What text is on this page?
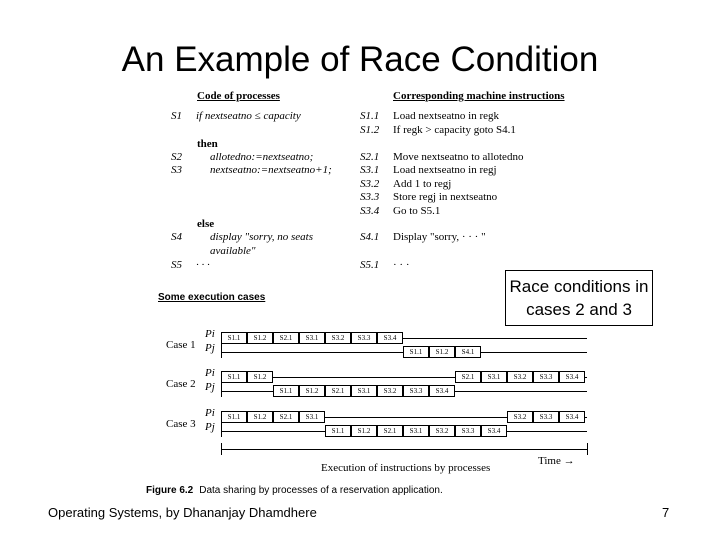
An Example of Race Condition
Code of processes	Corresponding machine instructions
S1 if nextseatno ≤ capacity	S1.1 Load nextseatno in regk
S1.2 If regk > capacity goto S4.1
then
S2	allotedno:=nextseatno;	S2.1 Move nextseatno to allotedno
S3	nextseatno:=nextseatno+1;	S3.1 Load nextseatno in regj
S3.2 Add 1 to regj
S3.3 Store regj in nextseatno
S3.4 Go to S5.1
else
S4	display "sorry, no seats	S4.1 Display "sorry, · · · "
available"
S5 · · ·	S5.1 · · ·
Race conditions in cases 2 and 3
Some execution cases
Case 1
Pi
Pj
S1.1	S1.2	S2.1	S3.1	S3.2	S3.3	S3.4
S1.1	S1.2	S4.1
Case 2
Pi
Pj
S1.1	S1.2	S2.1	S3.1	S3.2	S3.3	S3.4
S1.1	S1.2	S2.1	S3.1	S3.2	S3.3	S3.4
Case 3
Pi
Pj
S1.1	S1.2	S2.1	S3.1	S3.2	S3.3	S3.4
S1.1	S1.2	S2.1	S3.1	S3.2	S3.3	S3.4
Time →
Execution of instructions by processes
Figure 6.2 Data sharing by processes of a reservation application.
Operating Systems, by Dhananjay Dhamdhere	7
